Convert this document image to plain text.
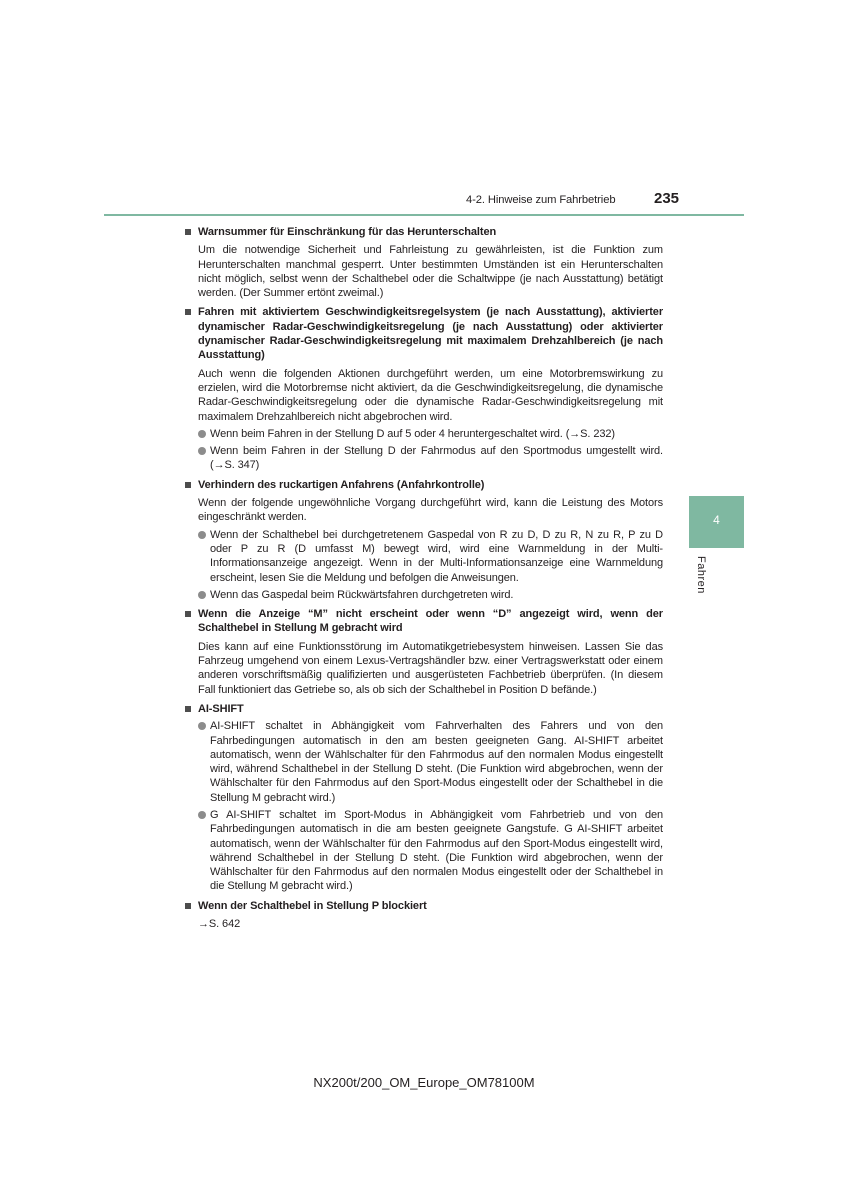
4-2. Hinweise zum Fahrbetrieb	235
4
Fahren
Warnsummer für Einschränkung für das Herunterschalten
Um die notwendige Sicherheit und Fahrleistung zu gewährleisten, ist die Funktion zum Herunterschalten manchmal gesperrt. Unter bestimmten Umständen ist ein Herunterschalten nicht möglich, selbst wenn der Schalthebel oder die Schaltwippe (je nach Ausstattung) betätigt werden. (Der Summer ertönt zweimal.)
Fahren mit aktiviertem Geschwindigkeitsregelsystem (je nach Ausstattung), aktivierter dynamischer Radar-Geschwindigkeitsregelung (je nach Ausstattung) oder aktivierter dynamischer Radar-Geschwindigkeitsregelung mit maximalem Drehzahlbereich (je nach Ausstattung)
Auch wenn die folgenden Aktionen durchgeführt werden, um eine Motorbremswirkung zu erzielen, wird die Motorbremse nicht aktiviert, da die Geschwindigkeitsregelung, die dynamische Radar-Geschwindigkeitsregelung oder die dynamische Radar-Geschwindigkeitsregelung mit maximalem Drehzahlbereich nicht abgebrochen wird.
Wenn beim Fahren in der Stellung D auf 5 oder 4 heruntergeschaltet wird. (→S. 232)
Wenn beim Fahren in der Stellung D der Fahrmodus auf den Sportmodus umgestellt wird. (→S. 347)
Verhindern des ruckartigen Anfahrens (Anfahrkontrolle)
Wenn der folgende ungewöhnliche Vorgang durchgeführt wird, kann die Leistung des Motors eingeschränkt werden.
Wenn der Schalthebel bei durchgetretenem Gaspedal von R zu D, D zu R, N zu R, P zu D oder P zu R (D umfasst M) bewegt wird, wird eine Warnmeldung in der Multi-Informationsanzeige angezeigt. Wenn in der Multi-Informationsanzeige eine Warnmeldung erscheint, lesen Sie die Meldung und befolgen die Anweisungen.
Wenn das Gaspedal beim Rückwärtsfahren durchgetreten wird.
Wenn die Anzeige “M” nicht erscheint oder wenn “D” angezeigt wird, wenn der Schalthebel in Stellung M gebracht wird
Dies kann auf eine Funktionsstörung im Automatikgetriebesystem hinweisen. Lassen Sie das Fahrzeug umgehend von einem Lexus-Vertragshändler bzw. einer Vertragswerkstatt oder einem anderen vorschriftsmäßig qualifizierten und ausgerüsteten Fachbetrieb überprüfen. (In diesem Fall funktioniert das Getriebe so, als ob sich der Schalthebel in Position D befände.)
AI-SHIFT
AI-SHIFT schaltet in Abhängigkeit vom Fahrverhalten des Fahrers und von den Fahrbedingungen automatisch in den am besten geeigneten Gang. AI-SHIFT arbeitet automatisch, wenn der Wählschalter für den Fahrmodus auf den normalen Modus eingestellt wird, während Schalthebel in der Stellung D steht. (Die Funktion wird abgebrochen, wenn der Wählschalter für den Fahrmodus auf den Sport-Modus eingestellt oder der Schalthebel in die Stellung M gebracht wird.)
G AI-SHIFT schaltet im Sport-Modus in Abhängigkeit vom Fahrbetrieb und von den Fahrbedingungen automatisch in die am besten geeignete Gangstufe. G AI-SHIFT arbeitet automatisch, wenn der Wählschalter für den Fahrmodus auf den Sport-Modus eingestellt wird, während Schalthebel in der Stellung D steht. (Die Funktion wird abgebrochen, wenn der Wählschalter für den Fahrmodus auf den normalen Modus eingestellt oder der Schalthebel in die Stellung M gebracht wird.)
Wenn der Schalthebel in Stellung P blockiert
→S. 642
NX200t/200_OM_Europe_OM78100M
